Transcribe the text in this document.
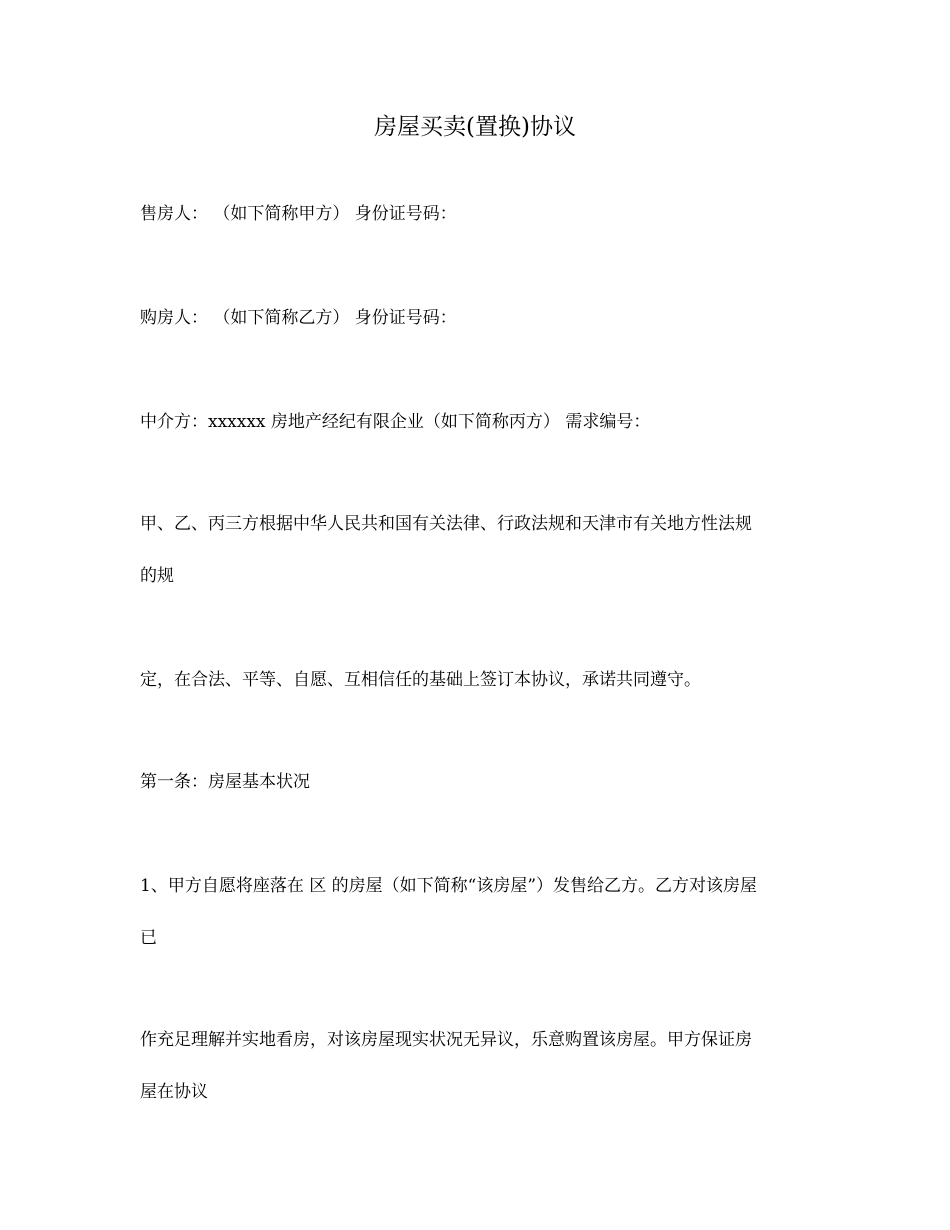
房屋买卖(置换)协议
售房人： （如下简称甲方） 身份证号码：
购房人： （如下简称乙方） 身份证号码：
中介方：xxxxxx 房地产经纪有限企业（如下简称丙方） 需求编号：
甲、乙、丙三方根据中华人民共和国有关法律、行政法规和天津市有关地方性法规
的规
定，在合法、平等、自愿、互相信任的基础上签订本协议，承诺共同遵守。
第一条：房屋基本状况
1、甲方自愿将座落在 区 的房屋（如下简称“该房屋”）发售给乙方。乙方对该房屋
已
作充足理解并实地看房，对该房屋现实状况无异议，乐意购置该房屋。甲方保证房
屋在协议
